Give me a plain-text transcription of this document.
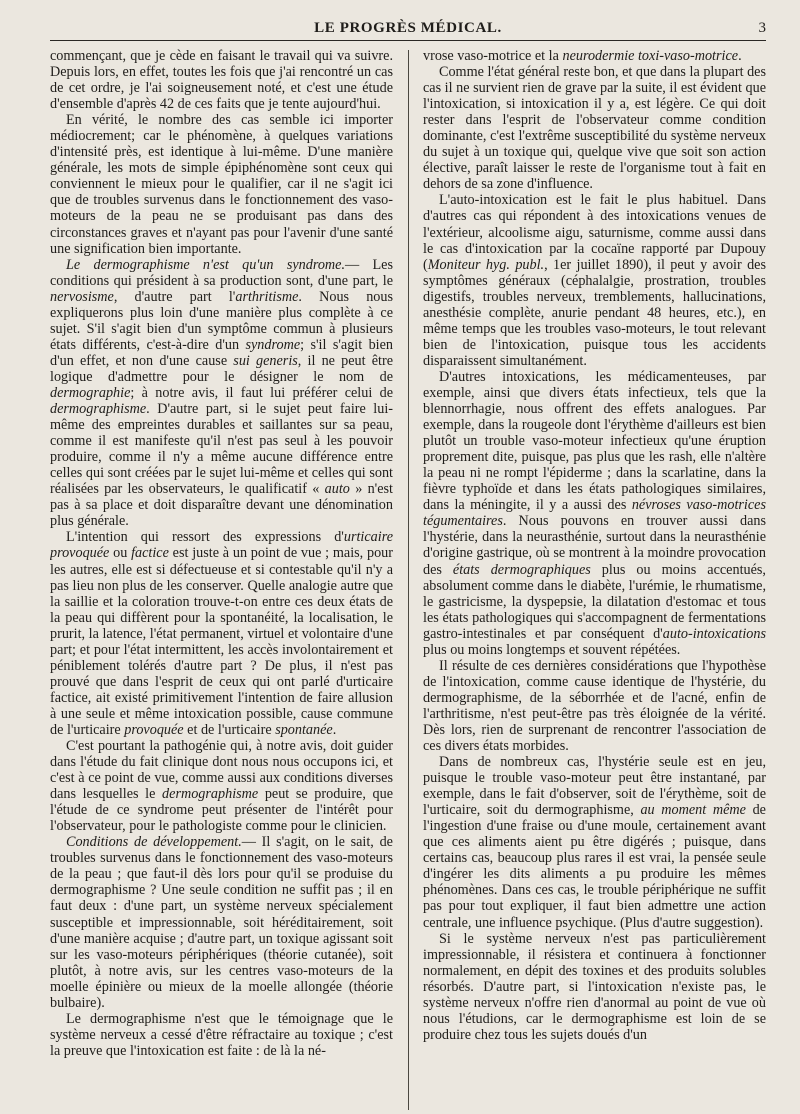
LE PROGRÈS MÉDICAL.	3

commençant, que je cède en faisant le travail qui va suivre. Depuis lors, en effet, toutes les fois que j'ai rencontré un cas de cet ordre, je l'ai soigneusement noté, et c'est une étude d'ensemble d'après 42 de ces faits que je tente aujourd'hui.

En vérité, le nombre des cas semble ici importer médiocrement; car le phénomène, à quelques variations d'intensité près, est identique à lui-même. D'une manière générale, les mots de simple épiphénomène sont ceux qui conviennent le mieux pour le qualifier, car il ne s'agit ici que de troubles survenus dans le fonctionnement des vaso-moteurs de la peau ne se produisant pas dans des circonstances graves et n'ayant pas pour l'avenir d'une santé une signification bien importante.

Le dermographisme n'est qu'un syndrome.— Les conditions qui président à sa production sont, d'une part, le nervosisme, d'autre part l'arthritisme. Nous nous expliquerons plus loin d'une manière plus complète à ce sujet. S'il s'agit bien d'un symptôme commun à plusieurs états différents, c'est-à-dire d'un syndrome; s'il s'agit bien d'un effet, et non d'une cause sui generis, il ne peut être logique d'admettre pour le désigner le nom de dermographie; à notre avis, il faut lui préférer celui de dermographisme. D'autre part, si le sujet peut faire lui-même des empreintes durables et saillantes sur sa peau, comme il est manifeste qu'il n'est pas seul à les pouvoir produire, comme il n'y a même aucune différence entre celles qui sont créées par le sujet lui-même et celles qui sont réalisées par les observateurs, le qualificatif « auto » n'est pas à sa place et doit disparaître devant une dénomination plus générale.

L'intention qui ressort des expressions d'urticaire provoquée ou factice est juste à un point de vue ; mais, pour les autres, elle est si défectueuse et si contestable qu'il n'y a pas lieu non plus de les conserver. Quelle analogie autre que la saillie et la coloration trouve-t-on entre ces deux états de la peau qui diffèrent pour la spontanéité, la localisation, le prurit, la latence, l'état permanent, virtuel et volontaire d'une part; et pour l'état intermittent, les accès involontairement et péniblement tolérés d'autre part ? De plus, il n'est pas prouvé que dans l'esprit de ceux qui ont parlé d'urticaire factice, ait existé primitivement l'intention de faire allusion à une seule et même intoxication possible, cause commune de l'urticaire provoquée et de l'urticaire spontanée.

C'est pourtant la pathogénie qui, à notre avis, doit guider dans l'étude du fait clinique dont nous nous occupons ici, et c'est à ce point de vue, comme aussi aux conditions diverses dans lesquelles le dermographisme peut se produire, que l'étude de ce syndrome peut présenter de l'intérêt pour l'observateur, pour le pathologiste comme pour le clinicien.

Conditions de développement.— Il s'agit, on le sait, de troubles survenus dans le fonctionnement des vaso-moteurs de la peau ; que faut-il dès lors pour qu'il se produise du dermographisme ? Une seule condition ne suffit pas ; il en faut deux : d'une part, un système nerveux spécialement susceptible et impressionnable, soit héréditairement, soit d'une manière acquise ; d'autre part, un toxique agissant soit sur les vaso-moteurs périphériques (théorie cutanée), soit plutôt, à notre avis, sur les centres vaso-moteurs de la moelle épinière ou mieux de la moelle allongée (théorie bulbaire).

Le dermographisme n'est que le témoignage que le système nerveux a cessé d'être réfractaire au toxique ; c'est la preuve que l'intoxication est faite : de là la né-

vrose vaso-motrice et la neurodermie toxi-vaso-motrice.

Comme l'état général reste bon, et que dans la plupart des cas il ne survient rien de grave par la suite, il est évident que l'intoxication, si intoxication il y a, est légère. Ce qui doit rester dans l'esprit de l'observateur comme condition dominante, c'est l'extrême susceptibilité du système nerveux du sujet à un toxique qui, quelque vive que soit son action élective, paraît laisser le reste de l'organisme tout à fait en dehors de sa zone d'influence.

L'auto-intoxication est le fait le plus habituel. Dans d'autres cas qui répondent à des intoxications venues de l'extérieur, alcoolisme aigu, saturnisme, comme aussi dans le cas d'intoxication par la cocaïne rapporté par Dupouy (Moniteur hyg. publ., 1er juillet 1890), il peut y avoir des symptômes généraux (céphalalgie, prostration, troubles digestifs, troubles nerveux, tremblements, hallucinations, anesthésie complète, anurie pendant 48 heures, etc.), en même temps que les troubles vaso-moteurs, le tout relevant bien de l'intoxication, puisque tous les accidents disparaissent simultanément.

D'autres intoxications, les médicamenteuses, par exemple, ainsi que divers états infectieux, tels que la blennorrhagie, nous offrent des effets analogues. Par exemple, dans la rougeole dont l'érythème d'ailleurs est bien plutôt un trouble vaso-moteur infectieux qu'une éruption proprement dite, puisque, pas plus que les rash, elle n'altère la peau ni ne rompt l'épiderme ; dans la scarlatine, dans la fièvre typhoïde et dans les états pathologiques similaires, dans la méningite, il y a aussi des névroses vaso-motrices tégumentaires. Nous pouvons en trouver aussi dans l'hystérie, dans la neurasthénie, surtout dans la neurasthénie d'origine gastrique, où se montrent à la moindre provocation des états dermographiques plus ou moins accentués, absolument comme dans le diabète, l'urémie, le rhumatisme, le gastricisme, la dyspepsie, la dilatation d'estomac et tous les états pathologiques qui s'accompagnent de fermentations gastro-intestinales et par conséquent d'auto-intoxications plus ou moins longtemps et souvent répétées.

Il résulte de ces dernières considérations que l'hypothèse de l'intoxication, comme cause identique de l'hystérie, du dermographisme, de la séborrhée et de l'acné, enfin de l'arthritisme, n'est peut-être pas très éloignée de la vérité. Dès lors, rien de surprenant de rencontrer l'association de ces divers états morbides.

Dans de nombreux cas, l'hystérie seule est en jeu, puisque le trouble vaso-moteur peut être instantané, par exemple, dans le fait d'observer, soit de l'érythème, soit de l'urticaire, soit du dermographisme, au moment même de l'ingestion d'une fraise ou d'une moule, certainement avant que ces aliments aient pu être digérés ; puisque, dans certains cas, beaucoup plus rares il est vrai, la pensée seule d'ingérer les dits aliments a pu produire les mêmes phénomènes. Dans ces cas, le trouble périphérique ne suffit pas pour tout expliquer, il faut bien admettre une action centrale, une influence psychique. (Plus d'autre suggestion).

Si le système nerveux n'est pas particulièrement impressionnable, il résistera et continuera à fonctionner normalement, en dépit des toxines et des produits solubles résorbés. D'autre part, si l'intoxication n'existe pas, le système nerveux n'offre rien d'anormal au point de vue où nous l'étudions, car le dermographisme est loin de se produire chez tous les sujets doués d'un
